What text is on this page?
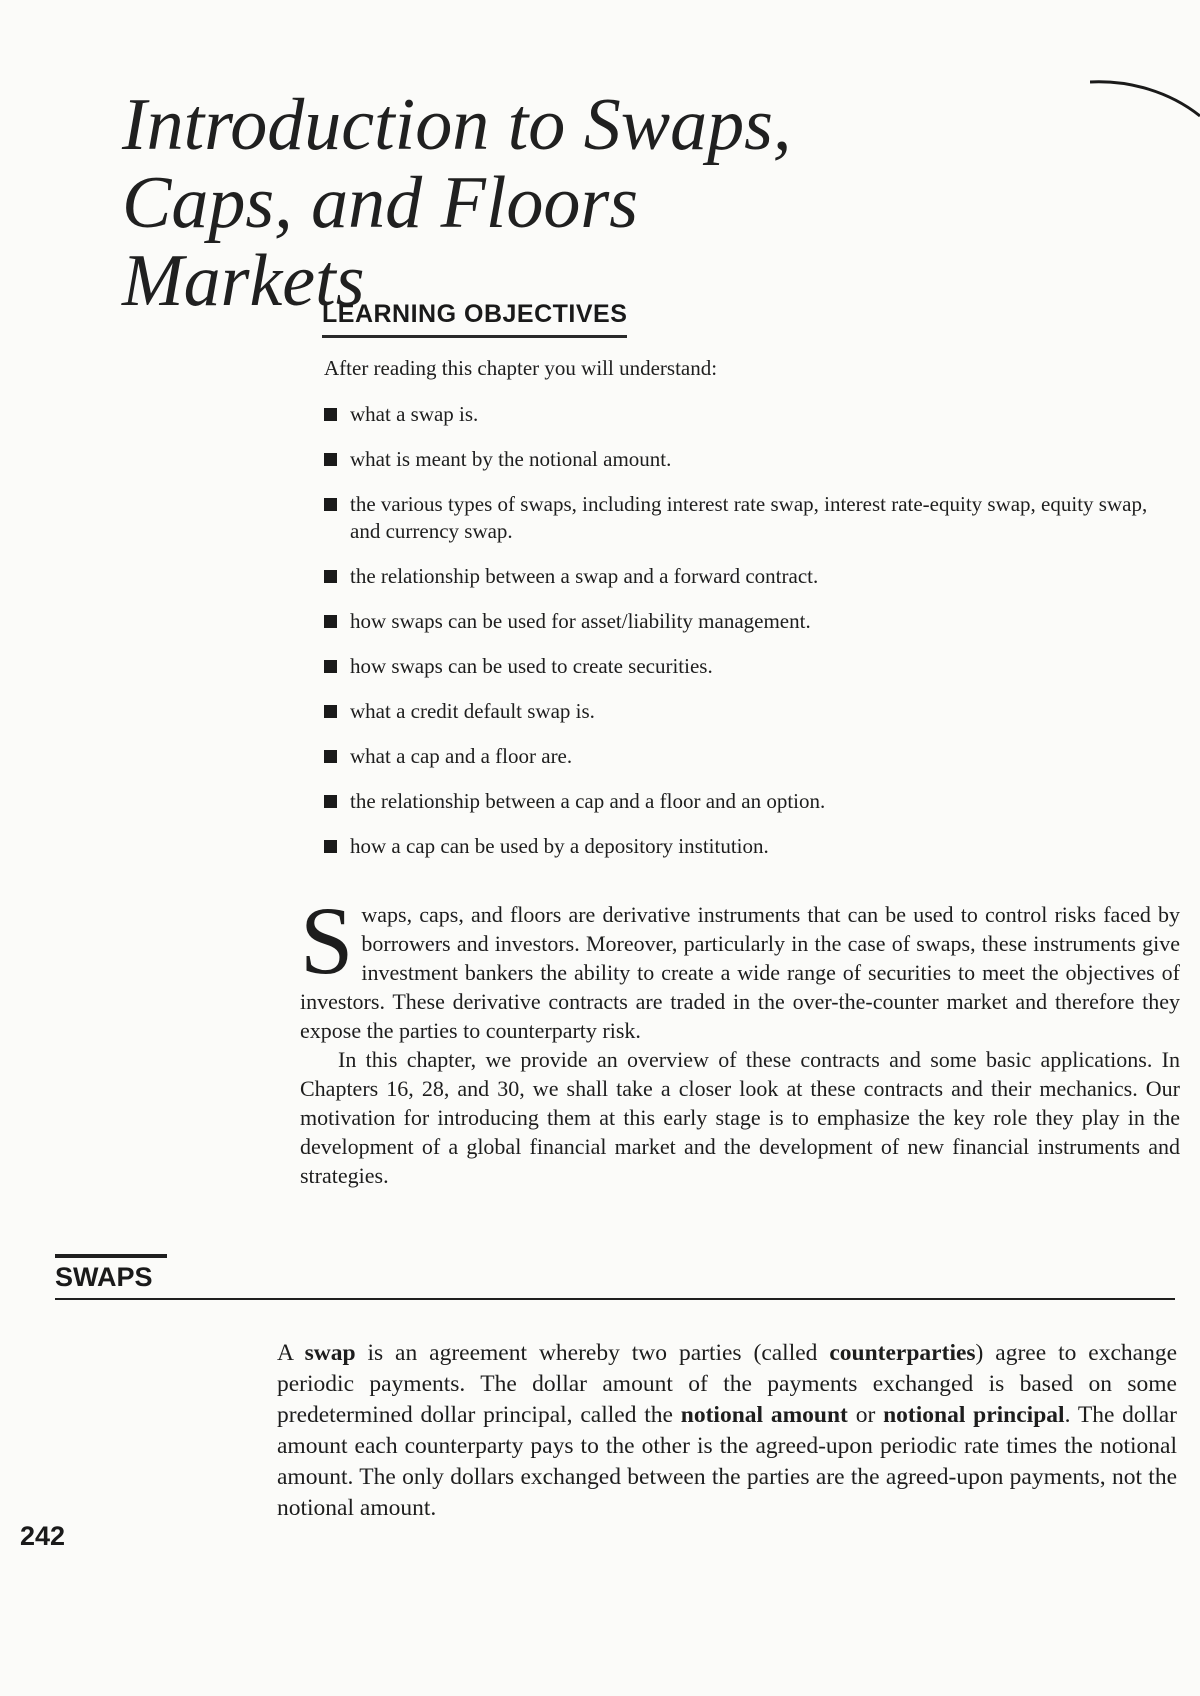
Introduction to Swaps,
Caps, and Floors Markets
LEARNING OBJECTIVES

After reading this chapter you will understand:

what a swap is.
what is meant by the notional amount.
the various types of swaps, including interest rate swap, interest rate-equity swap, equity swap, and currency swap.
the relationship between a swap and a forward contract.
how swaps can be used for asset/liability management.
how swaps can be used to create securities.
what a credit default swap is.
what a cap and a floor are.
the relationship between a cap and a floor and an option.
how a cap can be used by a depository institution.

Swaps, caps, and floors are derivative instruments that can be used to control risks faced by borrowers and investors. Moreover, particularly in the case of swaps, these instruments give investment bankers the ability to create a wide range of securities to meet the objectives of investors. These derivative contracts are traded in the over-the-counter market and therefore they expose the parties to counterparty risk.

In this chapter, we provide an overview of these contracts and some basic applications. In Chapters 16, 28, and 30, we shall take a closer look at these contracts and their mechanics. Our motivation for introducing them at this early stage is to emphasize the key role they play in the development of a global financial market and the development of new financial instruments and strategies.

SWAPS

A swap is an agreement whereby two parties (called counterparties) agree to exchange periodic payments. The dollar amount of the payments exchanged is based on some predetermined dollar principal, called the notional amount or notional principal. The dollar amount each counterparty pays to the other is the agreed-upon periodic rate times the notional amount. The only dollars exchanged between the parties are the agreed-upon payments, not the notional amount.

242
